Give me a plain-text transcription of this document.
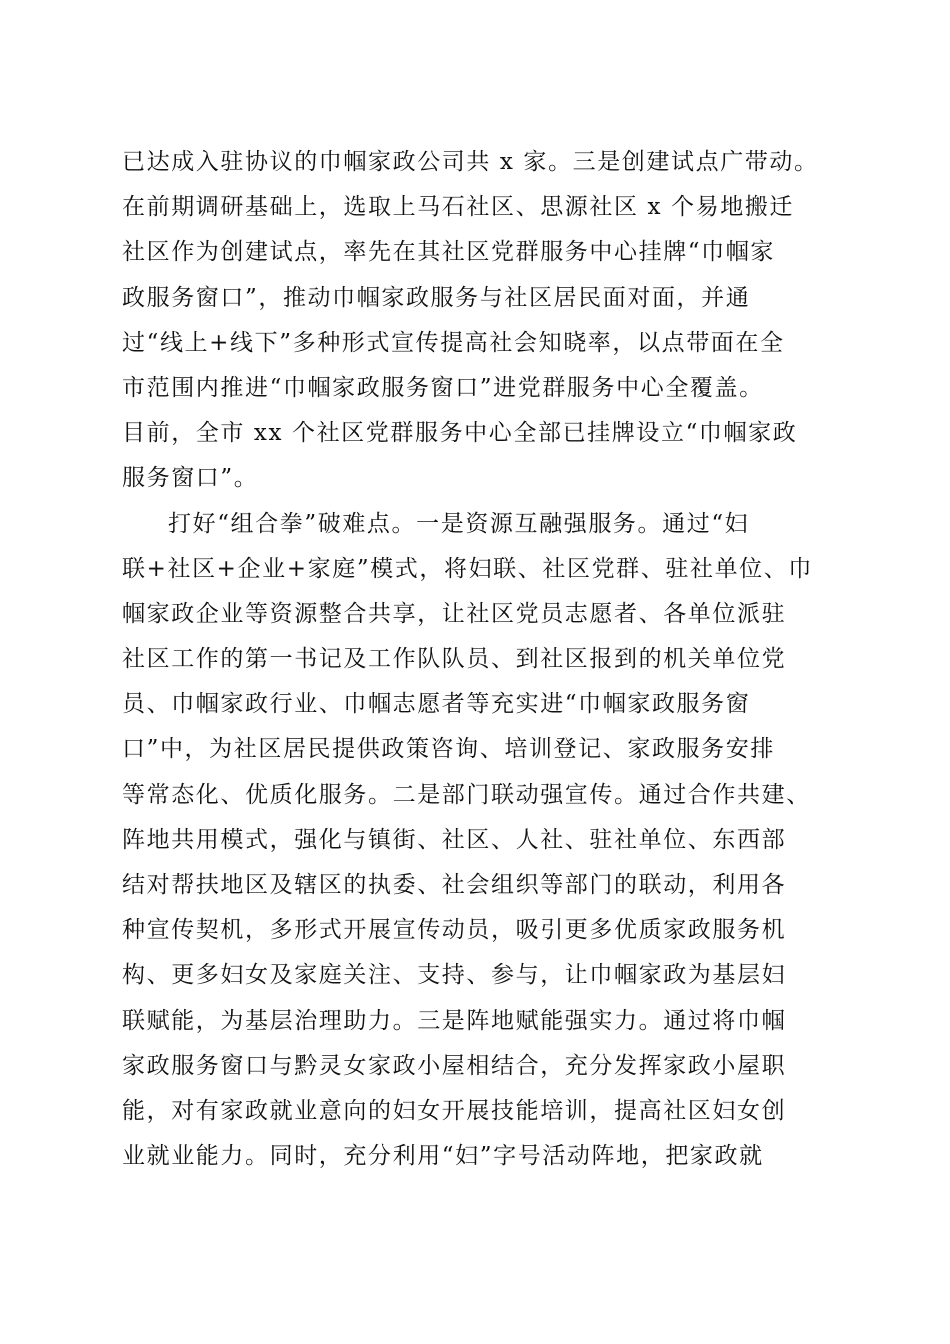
已达成入驻协议的巾帼家政公司共 x 家。三是创建试点广带动。
在前期调研基础上，选取上马石社区、思源社区 x 个易地搬迁
社区作为创建试点，率先在其社区党群服务中心挂牌“巾帼家
政服务窗口”，推动巾帼家政服务与社区居民面对面，并通
过“线上+线下”多种形式宣传提高社会知晓率，以点带面在全
市范围内推进“巾帼家政服务窗口”进党群服务中心全覆盖。
目前，全市 xx 个社区党群服务中心全部已挂牌设立“巾帼家政
服务窗口”。
打好“组合拳”破难点。一是资源互融强服务。通过“妇
联+社区+企业+家庭”模式，将妇联、社区党群、驻社单位、巾
帼家政企业等资源整合共享，让社区党员志愿者、各单位派驻
社区工作的第一书记及工作队队员、到社区报到的机关单位党
员、巾帼家政行业、巾帼志愿者等充实进“巾帼家政服务窗
口”中，为社区居民提供政策咨询、培训登记、家政服务安排
等常态化、优质化服务。二是部门联动强宣传。通过合作共建、
阵地共用模式，强化与镇街、社区、人社、驻社单位、东西部
结对帮扶地区及辖区的执委、社会组织等部门的联动，利用各
种宣传契机，多形式开展宣传动员，吸引更多优质家政服务机
构、更多妇女及家庭关注、支持、参与，让巾帼家政为基层妇
联赋能，为基层治理助力。三是阵地赋能强实力。通过将巾帼
家政服务窗口与黔灵女家政小屋相结合，充分发挥家政小屋职
能，对有家政就业意向的妇女开展技能培训，提高社区妇女创
业就业能力。同时，充分利用“妇”字号活动阵地，把家政就
